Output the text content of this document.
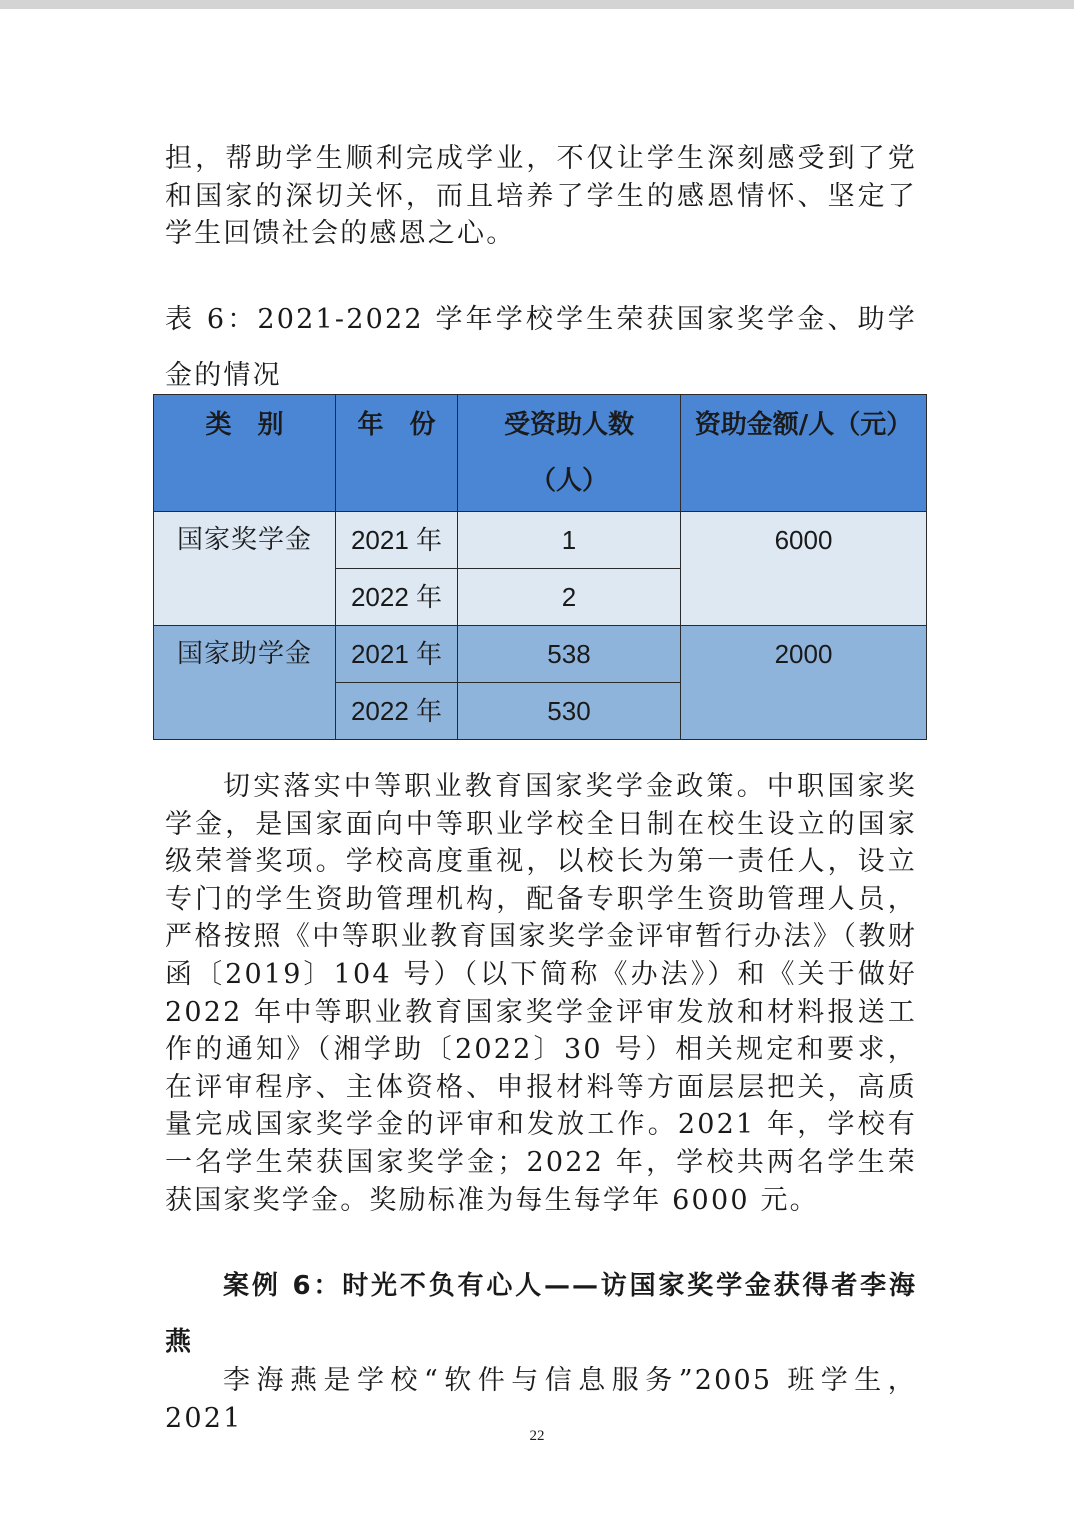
担，帮助学生顺利完成学业，不仅让学生深刻感受到了党和国家的深切关怀，而且培养了学生的感恩情怀、坚定了学生回馈社会的感恩之心。

表 6：2021-2022 学年学校学生荣获国家奖学金、助学金的情况

类　别	年　份	受资助人数（人）	资助金额/人（元）
国家奖学金	2021 年	1	6000
	2022 年	2	
国家助学金	2021 年	538	2000
	2022 年	530	

切实落实中等职业教育国家奖学金政策。中职国家奖学金，是国家面向中等职业学校全日制在校生设立的国家级荣誉奖项。学校高度重视，以校长为第一责任人，设立专门的学生资助管理机构，配备专职学生资助管理人员，严格按照《中等职业教育国家奖学金评审暂行办法》（教财函〔2019〕104 号）（以下简称《办法》）和《关于做好 2022 年中等职业教育国家奖学金评审发放和材料报送工作的通知》（湘学助〔2022〕30 号）相关规定和要求，在评审程序、主体资格、申报材料等方面层层把关，高质量完成国家奖学金的评审和发放工作。2021 年，学校有一名学生荣获国家奖学金；2022 年，学校共两名学生荣获国家奖学金。奖励标准为每生每学年 6000 元。

案例 6：时光不负有心人——访国家奖学金获得者李海燕

李海燕是学校“软件与信息服务”2005 班学生，2021

22
